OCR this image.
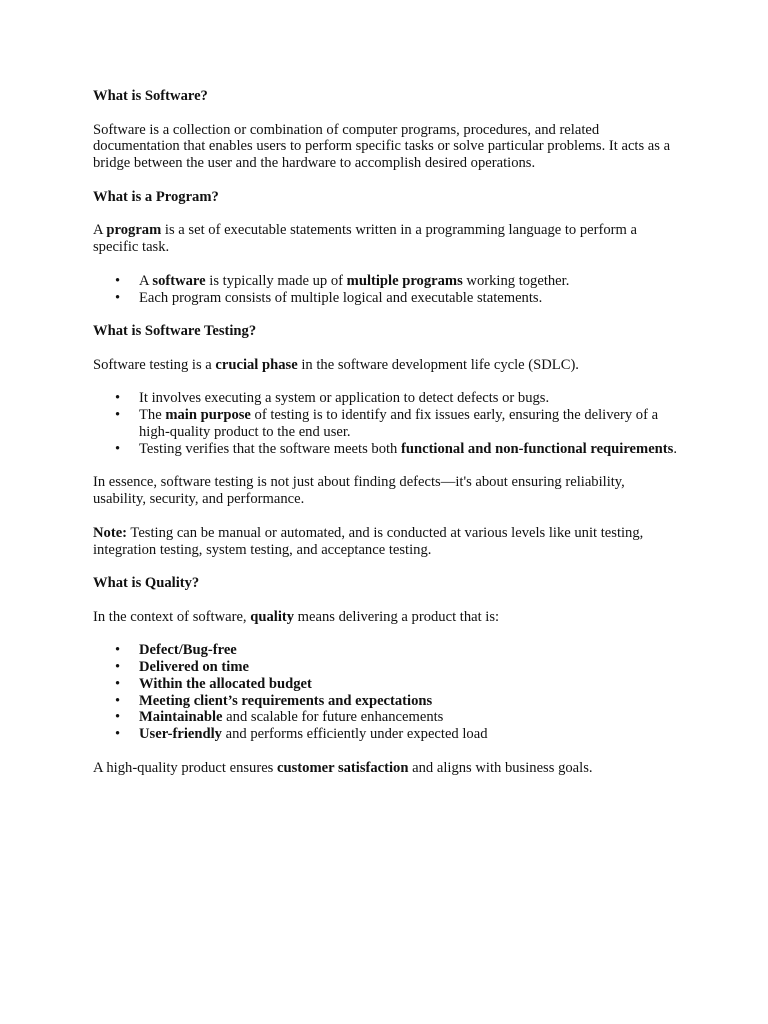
What is Software?

Software is a collection or combination of computer programs, procedures, and related documentation that enables users to perform specific tasks or solve particular problems. It acts as a bridge between the user and the hardware to accomplish desired operations.

What is a Program?

A program is a set of executable statements written in a programming language to perform a specific task.

• A software is typically made up of multiple programs working together.
• Each program consists of multiple logical and executable statements.
What is Software Testing?

Software testing is a crucial phase in the software development life cycle (SDLC).

• It involves executing a system or application to detect defects or bugs.
• The main purpose of testing is to identify and fix issues early, ensuring the delivery of a high-quality product to the end user.
• Testing verifies that the software meets both functional and non-functional requirements.

In essence, software testing is not just about finding defects—it's about ensuring reliability, usability, security, and performance.

Note: Testing can be manual or automated, and is conducted at various levels like unit testing, integration testing, system testing, and acceptance testing.

What is Quality?

In the context of software, quality means delivering a product that is:

• Defect/Bug-free
• Delivered on time
• Within the allocated budget
• Meeting client’s requirements and expectations
• Maintainable and scalable for future enhancements
• User-friendly and performs efficiently under expected load

A high-quality product ensures customer satisfaction and aligns with business goals.
